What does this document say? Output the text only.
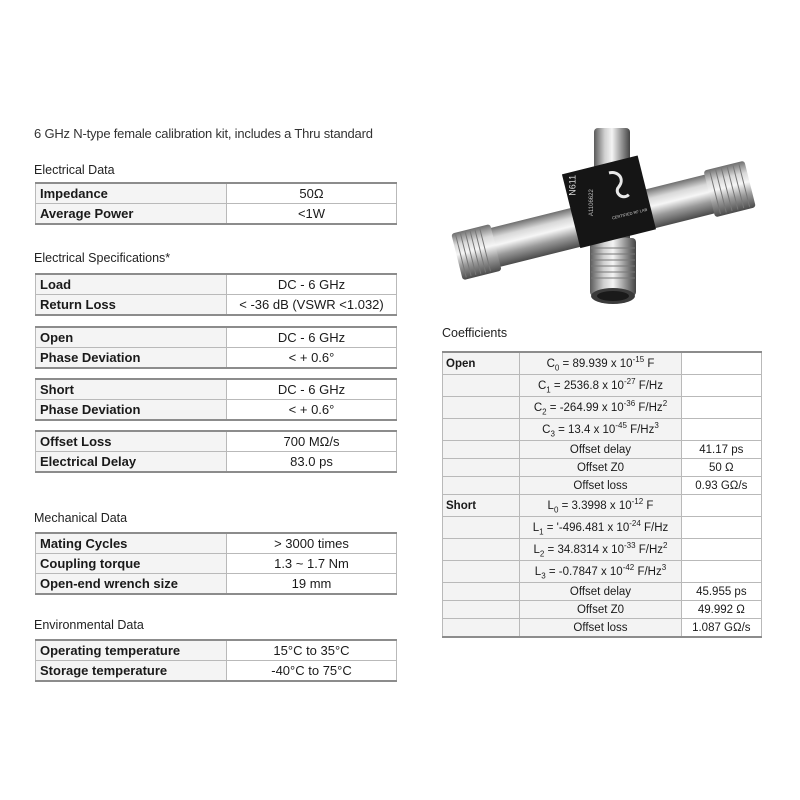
6 GHz N-type female calibration kit, includes a Thru standard
Electrical Data
Impedance	50Ω
Average Power	<1W
Electrical Specifications*
Load	DC - 6 GHz
Return Loss	< -36 dB (VSWR <1.032)
Open	DC - 6 GHz
Phase Deviation	< + 0.6°
Short	DC - 6 GHz
Phase Deviation	< + 0.6°
Offset Loss	700 MΩ/s
Electrical Delay	83.0 ps
Mechanical Data
Mating Cycles	> 3000 times
Coupling torque	1.3 ~ 1.7 Nm
Open-end wrench size	19 mm
Environmental Data
Operating temperature	15°C to 35°C
Storage temperature	-40°C to 75°C
N611
A1106622	CERTIFIED RF LAB
Coefficients
Open	$C_0 = 89.939$ x $10^{-15}$ F	
	$C_1 = 2536.8$ x $10^{-27}$ F/Hz	
	$C_2 = -264.99$ x $10^{-36}$ F/Hz$^2$	
	$C_3 = 13.4$ x $10^{-45}$ F/Hz$^3$	
	Offset delay	41.17 ps
	Offset Z0	50 Ω
	Offset loss	0.93 GΩ/s
Short	$L_0 = 3.3998$ x $10^{-12}$ F	
	$L_1$ = '-496.481 x $10^{-24}$ F/Hz	
	$L_2 = 34.8314$ x $10^{-33}$ F/Hz$^2$	
	$L_3 = -0.7847$ x $10^{-42}$ F/Hz$^3$	
	Offset delay	45.955 ps
	Offset Z0	49.992 Ω
	Offset loss	1.087 GΩ/s
